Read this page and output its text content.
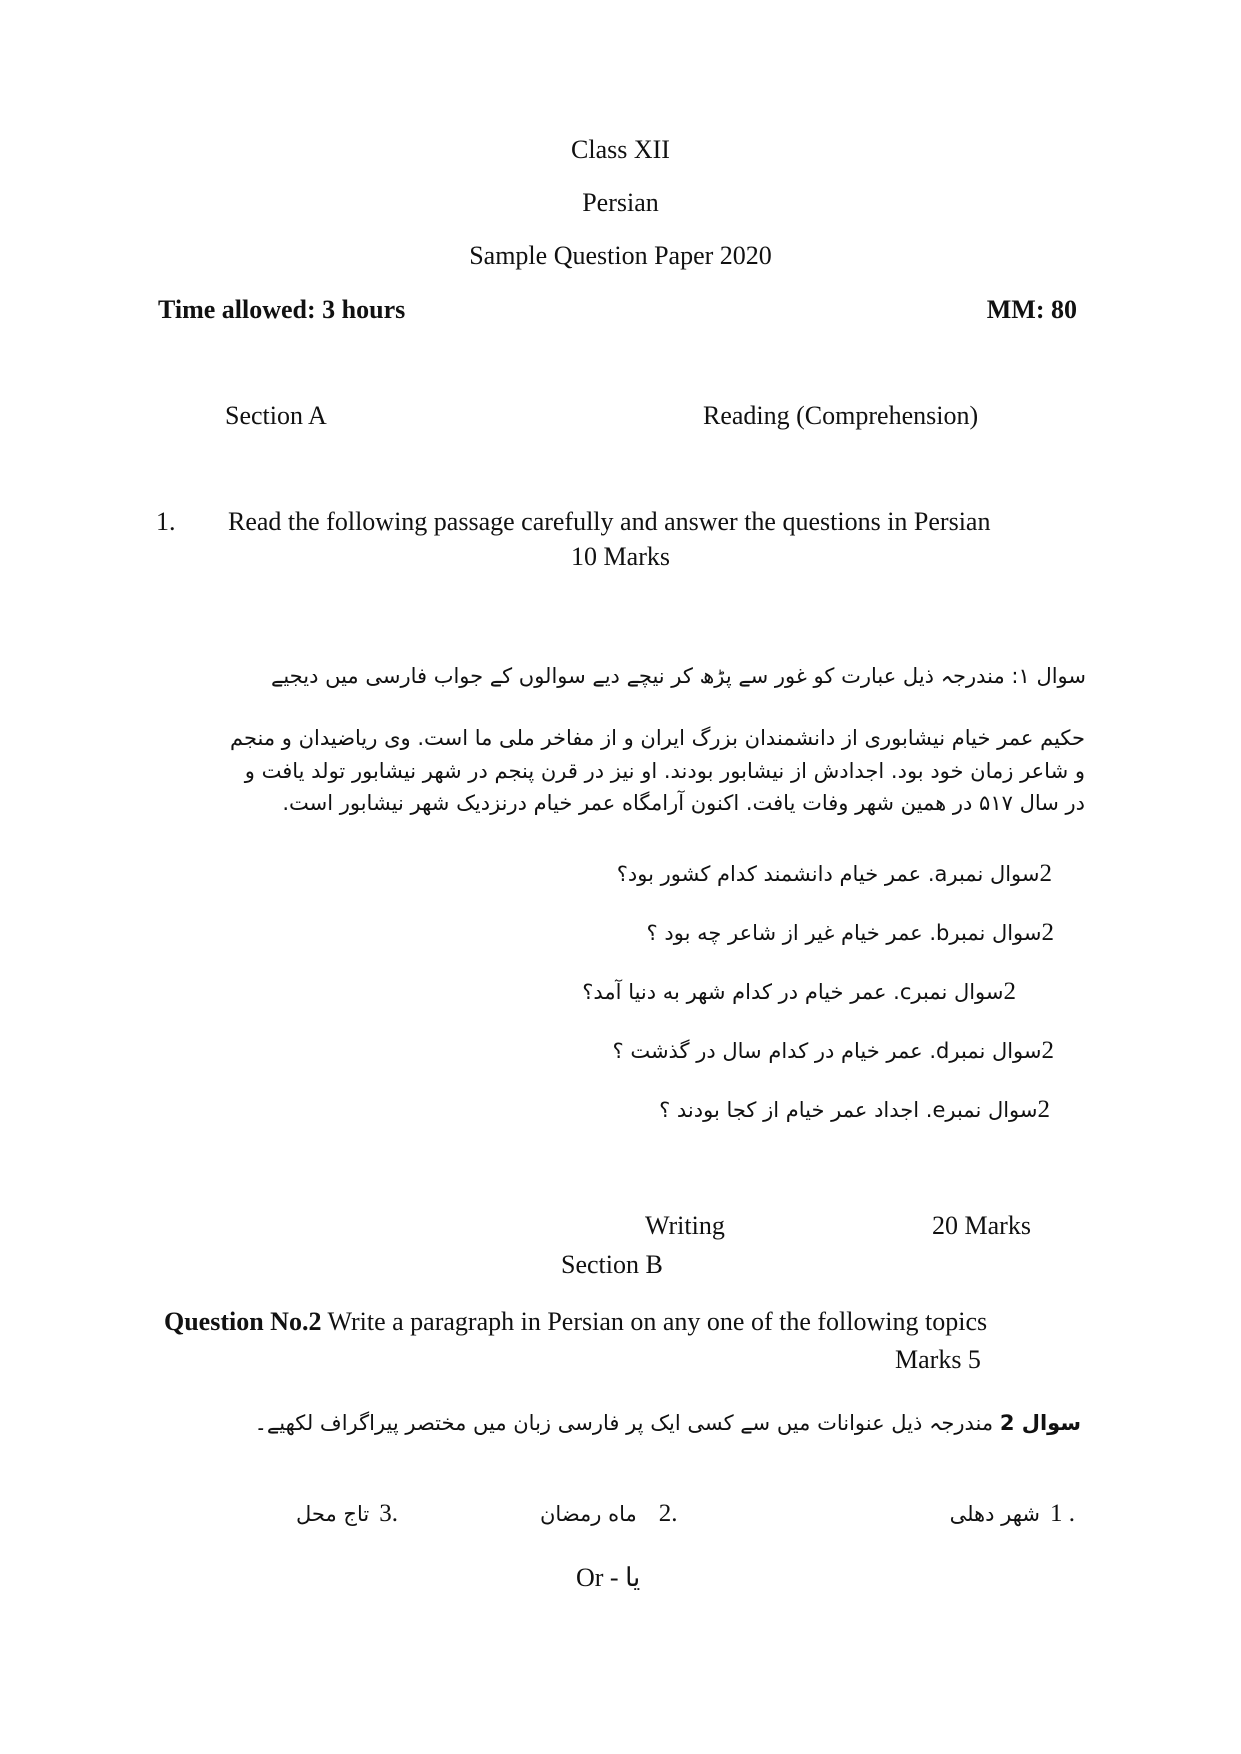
Class XII
Persian
Sample Question Paper 2020
Time allowed: 3 hours	MM: 80
Section A	Reading (Comprehension)
1. Read the following passage carefully and answer the questions in Persian
10 Marks
سوال ۱: مندرجہ ذیل عبارت کو غور سے پڑھ کر نیچے دیے سوالوں کے جواب فارسی میں دیجیے
حکیم عمر خیام نیشابوری از دانشمندان بزرگ ایران و از مفاخر ملی ما است. وی ریاضیدان و منجم
و شاعر زمان خود بود. اجدادش از نیشابور بودند. او نیز در قرن پنجم در شهر نیشابور تولد یافت و
در سال ۵۱۷ در همین شهر وفات یافت. اکنون آرامگاه عمر خیام درنزدیک شهر نیشابور است.
سوال نمبرa. عمر خیام دانشمند کدام کشور بود؟ 2
سوال نمبرb. عمر خیام غیر از شاعر چه بود ؟ 2
سوال نمبرc. عمر خیام در کدام شهر به دنیا آمد؟ 2
سوال نمبرd. عمر خیام در کدام سال در گذشت ؟ 2
سوال نمبرe. اجداد عمر خیام از کجا بودند ؟ 2
Writing	20 Marks
Section B
Question No.2 Write a paragraph in Persian on any one of the following topics
Marks 5
سوال 2 مندرجہ ذیل عنوانات میں سے کسی ایک پر فارسی زبان میں مختصر پیراگراف لکھیے۔
شهر دهلی 1 .
ماه رمضان 2.
تاج محل 3.
Or - یا
